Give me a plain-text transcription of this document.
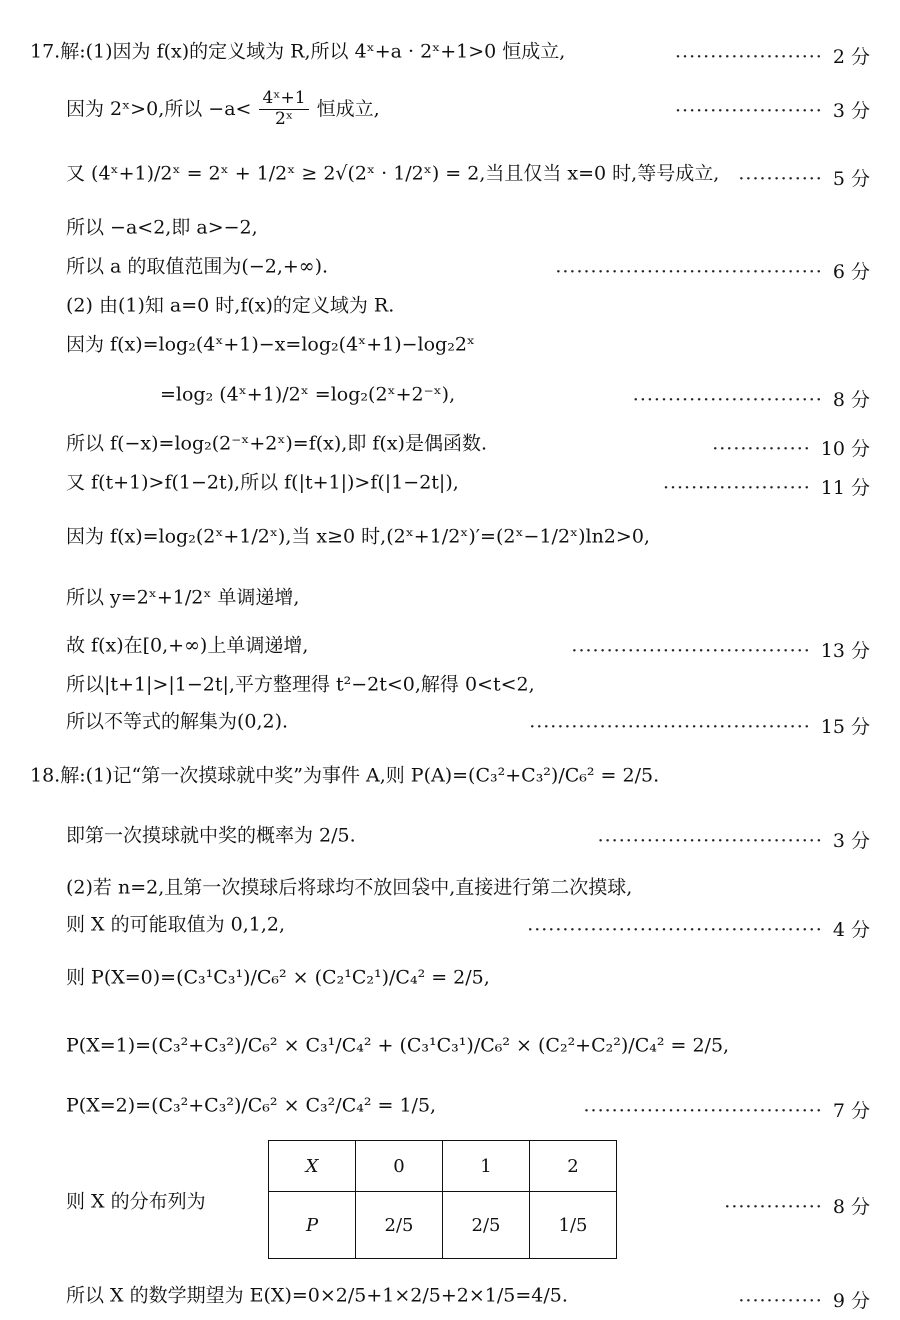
17.解:(1)因为 f(x)的定义域为 R,所以 4ˣ+a · 2ˣ+1>0 恒成立,	····················· 2 分
因为 2ˣ>0,所以 $-a< \frac{\text{4ˣ+1}}{\text{2ˣ}}$ 恒成立,	····················· 3 分
又 (4ˣ+1)/2ˣ = 2ˣ + 1/2ˣ ≥ 2√(2ˣ · 1/2ˣ) = 2,当且仅当 x=0 时,等号成立, ············ 5 分
所以 −a<2,即 a>−2,
所以 a 的取值范围为(−2,+∞).	······································ 6 分
(2) 由(1)知 a=0 时,f(x)的定义域为 R.
因为 f(x)=log₂(4ˣ+1)−x=log₂(4ˣ+1)−log₂2ˣ
=log₂ (4ˣ+1)/2ˣ =log₂(2ˣ+2⁻ˣ),	··························· 8 分
所以 f(−x)=log₂(2⁻ˣ+2ˣ)=f(x),即 f(x)是偶函数.	·············· 10 分
又 f(t+1)>f(1−2t),所以 f(|t+1|)>f(|1−2t|),	····················· 11 分
因为 f(x)=log₂(2ˣ+1/2ˣ),当 x≥0 时,(2ˣ+1/2ˣ)′=(2ˣ−1/2ˣ)ln2>0,
所以 y=2ˣ+1/2ˣ 单调递增,
故 f(x)在[0,+∞)上单调递增,	·································· 13 分
所以|t+1|>|1−2t|,平方整理得 t²−2t<0,解得 0<t<2,
所以不等式的解集为(0,2).	········································ 15 分
18.解:(1)记“第一次摸球就中奖”为事件 A,则 P(A)=(C₃²+C₃²)/C₆² = 2/5.
即第一次摸球就中奖的概率为 2/5.	································ 3 分
(2)若 n=2,且第一次摸球后将球均不放回袋中,直接进行第二次摸球,
则 X 的可能取值为 0,1,2,	·········································· 4 分
则 P(X=0)=(C₃¹C₃¹)/C₆² × (C₂¹C₂¹)/C₄² = 2/5,
P(X=1)=(C₃²+C₃²)/C₆² × C₃¹/C₄² + (C₃¹C₃¹)/C₆² × (C₂²+C₂²)/C₄² = 2/5,
P(X=2)=(C₃²+C₃²)/C₆² × C₃²/C₄² = 1/5,	·································· 7 分
则 X 的分布列为
X	0	1	2
P	2/5	2/5	1/5
·············· 8 分
所以 X 的数学期望为 E(X)=0×2/5+1×2/5+2×1/5=4/5.	············ 9 分
